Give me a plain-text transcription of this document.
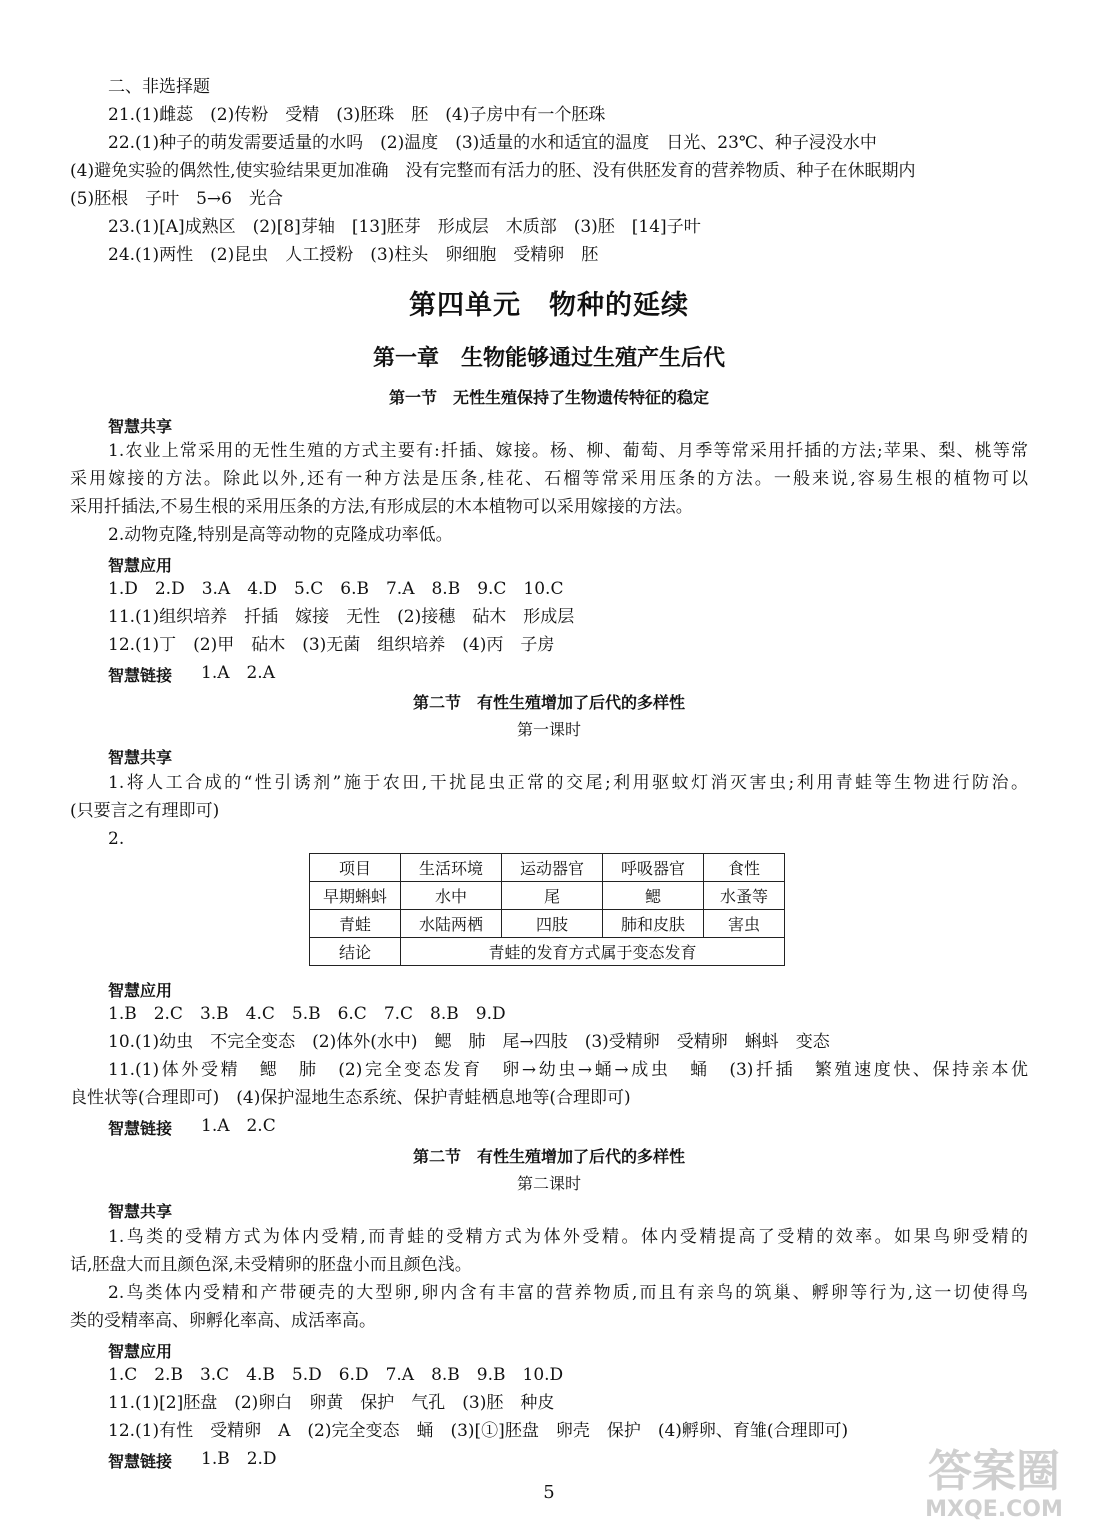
二、非选择题
21.(1)雌蕊　(2)传粉　受精　(3)胚珠　胚　(4)子房中有一个胚珠
22.(1)种子的萌发需要适量的水吗　(2)温度　(3)适量的水和适宜的温度　日光、23℃、种子浸没水中
(4)避免实验的偶然性,使实验结果更加准确　没有完整而有活力的胚、没有供胚发育的营养物质、种子在休眠期内
(5)胚根　子叶　5→6　光合
23.(1)[A]成熟区　(2)[8]芽轴　[13]胚芽　形成层　木质部　(3)胚　[14]子叶
24.(1)两性　(2)昆虫　人工授粉　(3)柱头　卵细胞　受精卵　胚
第四单元　物种的延续
第一章　生物能够通过生殖产生后代
第一节　无性生殖保持了生物遗传特征的稳定
智慧共享
1.农业上常采用的无性生殖的方式主要有:扦插、嫁接。杨、柳、葡萄、月季等常采用扦插的方法;苹果、梨、桃等常
采用嫁接的方法。除此以外,还有一种方法是压条,桂花、石榴等常采用压条的方法。一般来说,容易生根的植物可以
采用扦插法,不易生根的采用压条的方法,有形成层的木本植物可以采用嫁接的方法。
2.动物克隆,特别是高等动物的克隆成功率低。
智慧应用
1.D　2.D　3.A　4.D　5.C　6.B　7.A　8.B　9.C　10.C
11.(1)组织培养　扦插　嫁接　无性　(2)接穗　砧木　形成层
12.(1)丁　(2)甲　砧木　(3)无菌　组织培养　(4)丙　子房
智慧链接 1.A　2.A
第二节　有性生殖增加了后代的多样性
第一课时
智慧共享
1.将人工合成的“性引诱剂”施于农田,干扰昆虫正常的交尾;利用驱蚊灯消灭害虫;利用青蛙等生物进行防治。
(只要言之有理即可)
2.
项目	生活环境	运动器官	呼吸器官	食性
早期蝌蚪	水中	尾	鳃	水蚤等
青蛙	水陆两栖	四肢	肺和皮肤	害虫
结论	青蛙的发育方式属于变态发育			
智慧应用
1.B　2.C　3.B　4.C　5.B　6.C　7.C　8.B　9.D
10.(1)幼虫　不完全变态　(2)体外(水中)　鳃　肺　尾→四肢　(3)受精卵　受精卵　蝌蚪　变态
11.(1)体外受精　鳃　肺　(2)完全变态发育　卵→幼虫→蛹→成虫　蛹　(3)扦插　繁殖速度快、保持亲本优
良性状等(合理即可)　(4)保护湿地生态系统、保护青蛙栖息地等(合理即可)
智慧链接 1.A　2.C
第二节　有性生殖增加了后代的多样性
第二课时
智慧共享
1.鸟类的受精方式为体内受精,而青蛙的受精方式为体外受精。体内受精提高了受精的效率。如果鸟卵受精的
话,胚盘大而且颜色深,未受精卵的胚盘小而且颜色浅。
2.鸟类体内受精和产带硬壳的大型卵,卵内含有丰富的营养物质,而且有亲鸟的筑巢、孵卵等行为,这一切使得鸟
类的受精率高、卵孵化率高、成活率高。
智慧应用
1.C　2.B　3.C　4.B　5.D　6.D　7.A　8.B　9.B　10.D
11.(1)[2]胚盘　(2)卵白　卵黄　保护　气孔　(3)胚　种皮
12.(1)有性　受精卵　A　(2)完全变态　蛹　(3)[①]胚盘　卵壳　保护　(4)孵卵、育雏(合理即可)
智慧链接 1.B　2.D
5	答案圈
MXQE.COM
